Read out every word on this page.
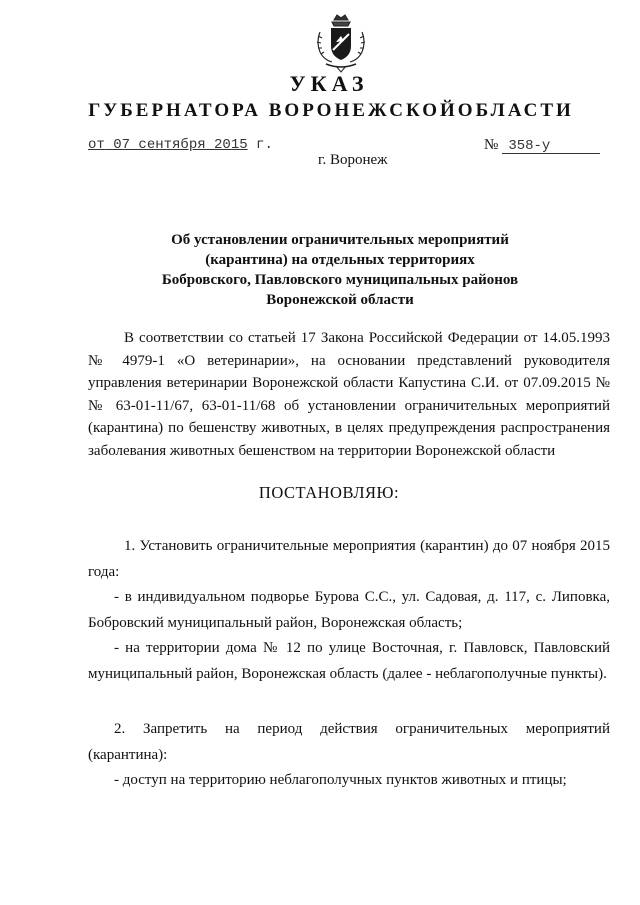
УКАЗ
ГУБЕРНАТОРА ВОРОНЕЖСКОЙОБЛАСТИ
от 07 сентября 2015 г.	№ 358-у
г. Воронеж
Об установлении ограничительных мероприятий
(карантина) на отдельных территориях
Бобровского, Павловского муниципальных районов
Воронежской области
В соответствии со статьей 17 Закона Российской Федерации от 14.05.1993 № 4979-1 «О ветеринарии», на основании представлений руководителя управления ветеринарии Воронежской области Капустина С.И. от 07.09.2015 №№ 63-01-11/67, 63-01-11/68 об установлении ограничительных мероприятий (карантина) по бешенству животных, в целях предупреждения распространения заболевания животных бешенством на территории Воронежской области
ПОСТАНОВЛЯЮ:
1. Установить ограничительные мероприятия (карантин) до 07 ноября 2015 года:
- в индивидуальном подворье Бурова С.С., ул. Садовая, д. 117, с. Липовка, Бобровский муниципальный район, Воронежская область;
- на территории дома № 12 по улице Восточная, г. Павловск, Павловский муниципальный район, Воронежская область (далее - неблагополучные пункты).
2. Запретить на период действия ограничительных мероприятий (карантина):
- доступ на территорию неблагополучных пунктов животных и птицы;
